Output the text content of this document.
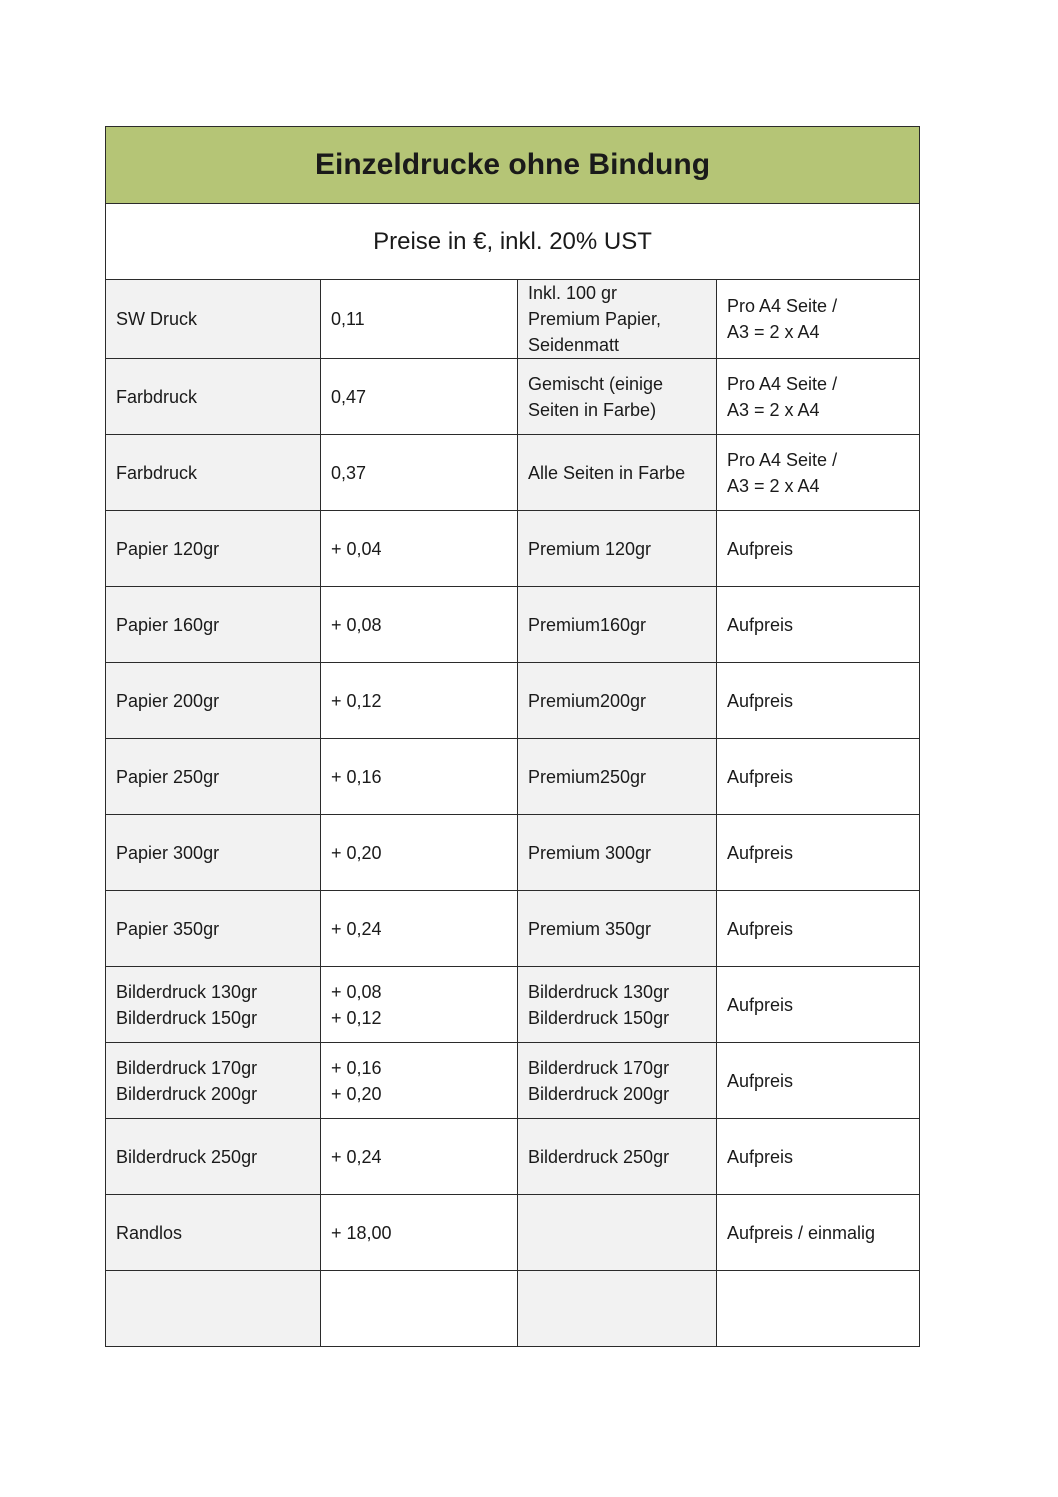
Einzeldrucke ohne Bindung			
Preise in €, inkl. 20% UST			
SW Druck	0,11	Inkl. 100 gr
Premium Papier,
Seidenmatt	Pro A4 Seite /
A3 = 2 x A4
Farbdruck	0,47	Gemischt (einige
Seiten in Farbe)	Pro A4 Seite /
A3 = 2 x A4
Farbdruck	0,37	Alle Seiten in Farbe	Pro A4 Seite /
A3 = 2 x A4
Papier 120gr	+ 0,04	Premium 120gr	Aufpreis
Papier 160gr	+ 0,08	Premium160gr	Aufpreis
Papier 200gr	+ 0,12	Premium200gr	Aufpreis
Papier 250gr	+ 0,16	Premium250gr	Aufpreis
Papier 300gr	+ 0,20	Premium 300gr	Aufpreis
Papier 350gr	+ 0,24	Premium 350gr	Aufpreis
Bilderdruck 130gr
Bilderdruck 150gr	+ 0,08
+ 0,12	Bilderdruck 130gr
Bilderdruck 150gr	Aufpreis
Bilderdruck 170gr
Bilderdruck 200gr	+ 0,16
+ 0,20	Bilderdruck 170gr
Bilderdruck 200gr	Aufpreis
Bilderdruck 250gr	+ 0,24	Bilderdruck 250gr	Aufpreis
Randlos	+ 18,00		Aufpreis / einmalig
